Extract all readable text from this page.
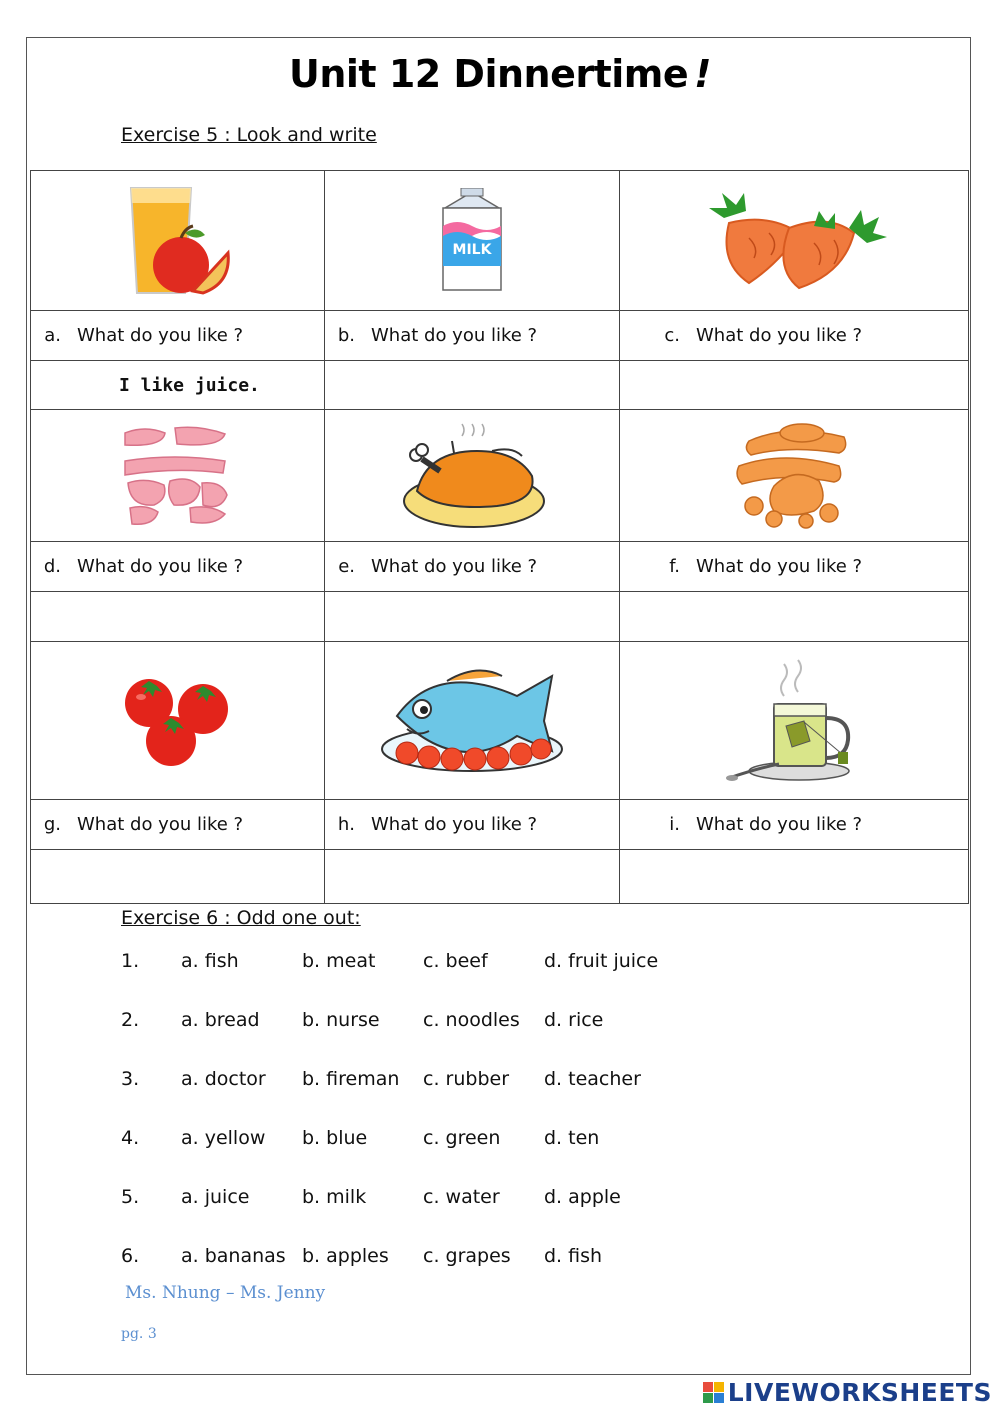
Unit 12 Dinnertime !
Exercise 5 : Look and write

MILK

a. What do you like ?	b. What do you like ?	c. What do you like ?
I like juice.		

d. What do you like ?	e. What do you like ?	f. What do you like ?

g. What do you like ?	h. What do you like ?	i. What do you like ?

Exercise 6 : Odd one out:
1. a. fish	b. meat	c. beef	d. fruit juice
2. a. bread b. nurse c. noodles d. rice
3. a. doctor b. fireman c. rubber d. teacher
4. a. yellow b. blue	c. green d. ten
5. a. juice	b. milk	c. water d. apple
6. a. bananas b. apples c. grapes d. fish
Ms. Nhung – Ms. Jenny
pg. 3
LIVEWORKSHEETS
